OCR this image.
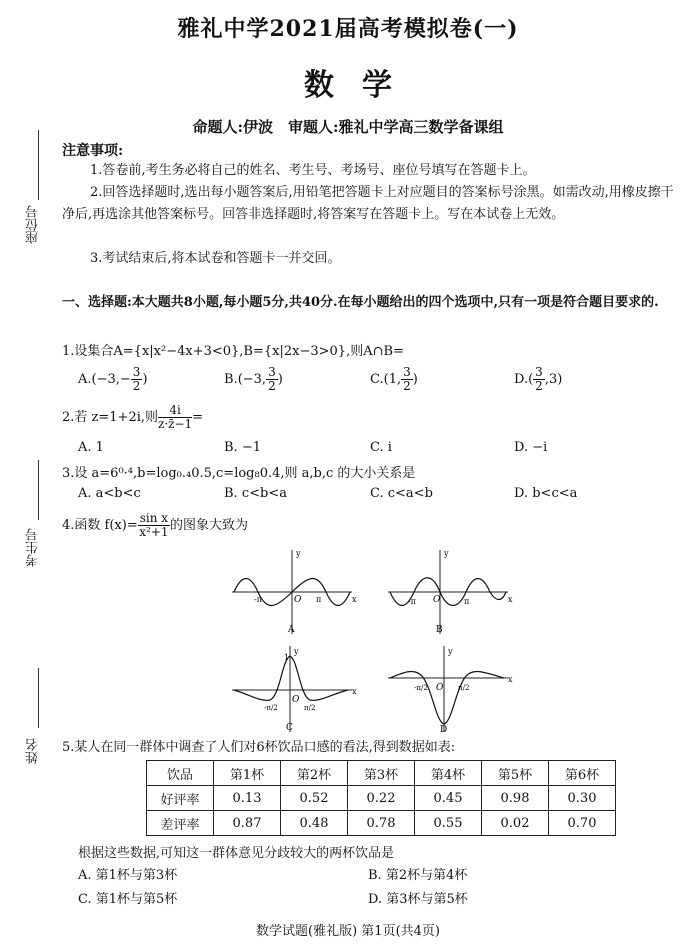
雅礼中学2021届高考模拟卷(一)
数学
命题人:伊波　审题人:雅礼中学高三数学备课组
座位号
考生号
姓名
注意事项:
1.答卷前,考生务必将自己的姓名、考生号、考场号、座位号填写在答题卡上。
2.回答选择题时,选出每小题答案后,用铅笔把答题卡上对应题目的答案标号涂黑。如需改动,用橡皮擦干净后,再选涂其他答案标号。回答非选择题时,将答案写在答题卡上。写在本试卷上无效。
3.考试结束后,将本试卷和答题卡一并交回。
一、选择题:本大题共8小题,每小题5分,共40分.在每小题给出的四个选项中,只有一项是符合题目要求的.
1.设集合A={x|x²−4x+3<0},B={x|2x−3>0},则A∩B=
$A.(-3,- \frac{3}{2}$ )	B.(−3, $\frac{3}{2}$ )	C.(1, $\frac{3}{2}$ )	$D.( \frac{3}{2} ,3)$
2.若 z=1+2i,则 $\frac{4i}{z\cdot z̄-1}$ =
A. 1	B. −1	C. i	D. −i
3.设 a=6⁰·⁴,b=log₀.₄0.5,c=log₈0.4,则 a,b,c 的大小关系是
A. a<b<c	B. c<b<a	C. c<a<b	D. b<c<a
4.函数 $f(x)= \frac{\text{sin x}}{\text{x²+1}}$ 的图象大致为
y
x
O
-π	π
A
y
x
O
-π	π
B
y
x
1
O
-π/2	π/2
C
y
x
O
-π/2	π/2
D
5.某人在同一群体中调查了人们对6杯饮品口感的看法,得到数据如表:
饮品	第1杯	第2杯	第3杯	第4杯	第5杯	第6杯
好评率	0.13	0.52	0.22	0.45	0.98	0.30
差评率	0.87	0.48	0.78	0.55	0.02	0.70
根据这些数据,可知这一群体意见分歧较大的两杯饮品是
A. 第1杯与第3杯	B. 第2杯与第4杯
C. 第1杯与第5杯	D. 第3杯与第5杯
数学试题(雅礼版) 第1页(共4页)
